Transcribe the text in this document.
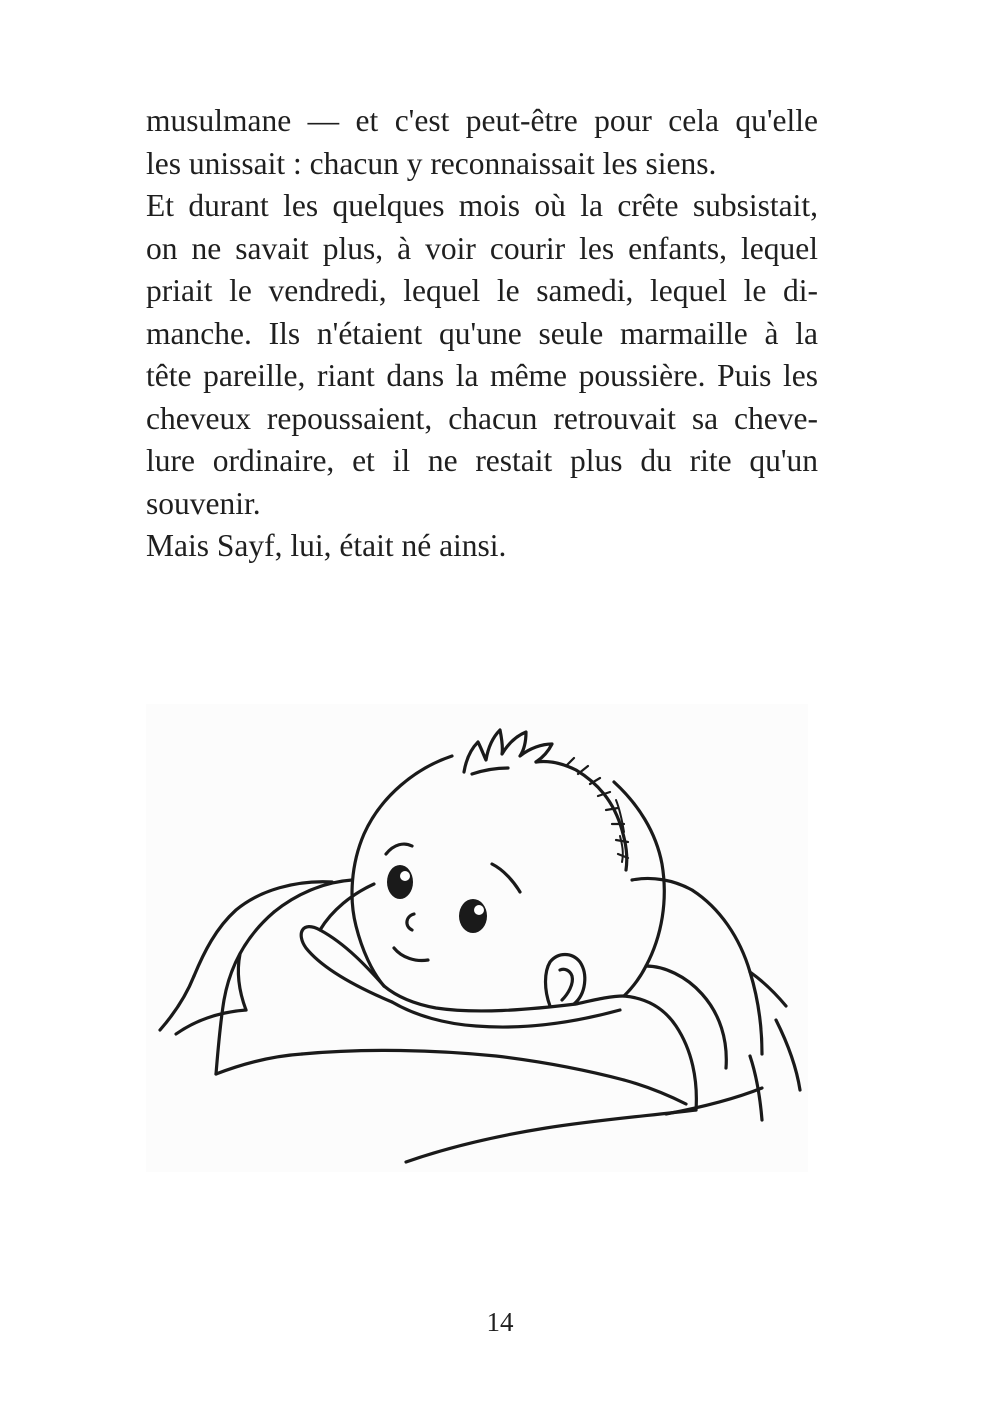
musulmane — et c'est peut-être pour cela qu'elle
les unissait : chacun y reconnaissait les siens.
Et durant les quelques mois où la crête subsistait,
on ne savait plus, à voir courir les enfants, lequel
priait le vendredi, lequel le samedi, lequel le di-
manche. Ils n'étaient qu'une seule marmaille à la
tête pareille, riant dans la même poussière. Puis les
cheveux repoussaient, chacun retrouvait sa cheve-
lure ordinaire, et il ne restait plus du rite qu'un
souvenir.
Mais Sayf, lui, était né ainsi.
14
